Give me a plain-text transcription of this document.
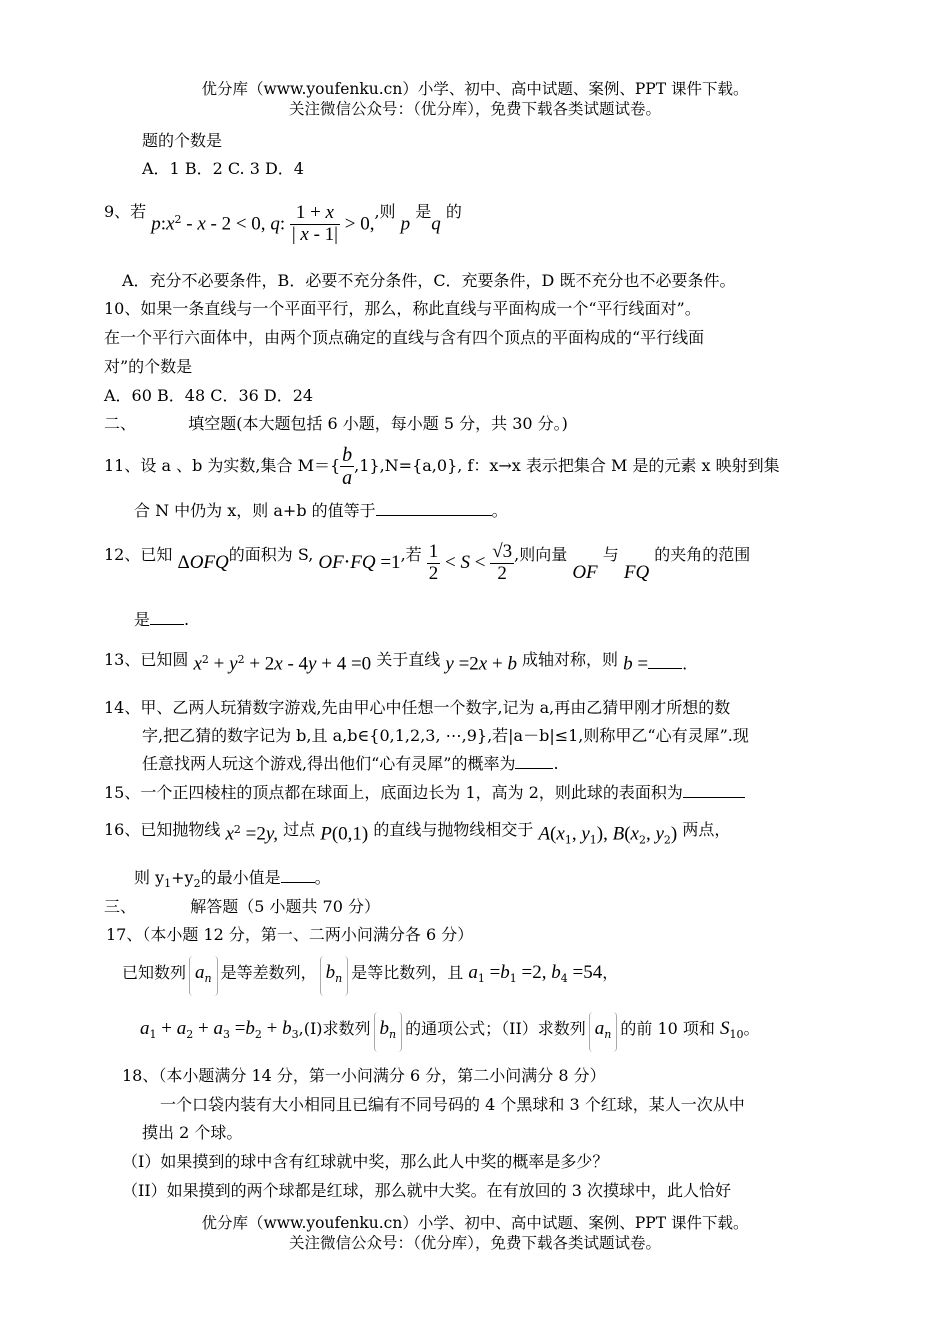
优分库（www.youfenku.cn）小学、初中、高中试题、案例、PPT 课件下载。
关注微信公众号：（优分库），免费下载各类试题试卷。
题的个数是
A．1 B．2 C. 3 D．4
9、若 $p:x^2 - x - 2 < 0$, q: $\frac{1 + x}{| x - 1|} > 0$,,则 p 是q 的
A．充分不必要条件，B．必要不充分条件，C．充要条件，D 既不充分也不必要条件。
10、如果一条直线与一个平面平行，那么，称此直线与平面构成一个“平行线面对”。
在一个平行六面体中，由两个顶点确定的直线与含有四个顶点的平面构成的“平行线面
对”的个数是
A．60 B．48 C．36 D．24
二、	填空题(本大题包括 6 小题，每小题 5 分，共 30 分。)
11、设 a 、b 为实数,集合 $M=\{ \frac{b}{a} ,1\},N=\{a,0\}$, f：x→x 表示把集合 M 是的元素 x 映射到集
合 N 中仍为 x，则 a+b 的值等于	。
12、已知 ΔOFQ的面积为 S, OF⋅FQ =1,若 $\frac{1}{2} < S < \frac{√3}{2}$ ,则向量 OF 与 FQ 的夹角的范围
是 .
13、已知圆 $x^2 + y^2 + 2x - 4y + 4 =0$ 关于直线 y =2x + b 成轴对称，则 b = .
14、甲、乙两人玩猜数字游戏,先由甲心中任想一个数字,记为 a,再由乙猜甲刚才所想的数
字,把乙猜的数字记为 b,且 a,b∈{0,1,2,3, ⋯,9},若|a－b|≤1,则称甲乙“心有灵犀”.现
任意找两人玩这个游戏,得出他们“心有灵犀”的概率为 .
15、一个正四棱柱的顶点都在球面上，底面边长为 1，高为 2，则此球的表面积为
16、已知抛物线 $x^2 =2y$, 过点 P(0,1) 的直线与抛物线相交于 $A(x_1$, $y_1$), $B(x_2$, $y_2$) 两点，
则 $y_1+y_2$的最小值是 。
三、	解答题（5 小题共 70 分）
17、（本小题 12 分，第一、二两小问满分各 6 分）
已知数列 $a_n$ 是等差数列， $b_n$ 是等比数列，且 $a_1 =b_1 =2$, $b_4 =54$，
$a_1 + a_2 + a_3 =b_2 + b_3,(I)$求数列 $b_n$ 的通项公式；（II）求数列 $a_n$ 的前 10 项和 $S_{10}$。
18、（本小题满分 14 分，第一小问满分 6 分，第二小问满分 8 分）
一个口袋内装有大小相同且已编有不同号码的 4 个黑球和 3 个红球，某人一次从中
摸出 2 个球。
（I）如果摸到的球中含有红球就中奖，那么此人中奖的概率是多少？
（II）如果摸到的两个球都是红球，那么就中大奖。在有放回的 3 次摸球中，此人恰好
优分库（www.youfenku.cn）小学、初中、高中试题、案例、PPT 课件下载。
关注微信公众号：（优分库），免费下载各类试题试卷。
